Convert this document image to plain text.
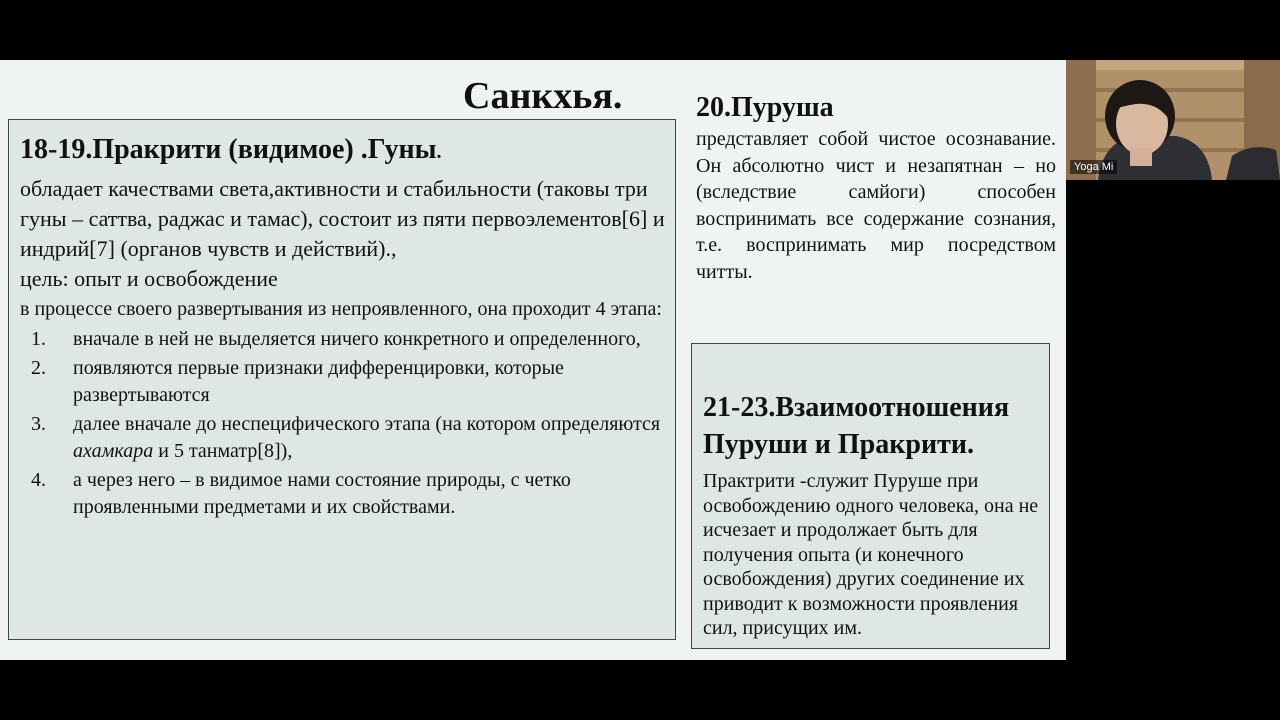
Санкхья.
18-19.Пракрити (видимое) .Гуны.

обладает качествами света,активности и стабильности (таковы три гуны – саттва, раджас и тамас), состоит из пяти первоэлементов[6] и индрий[7] (органов чувств и действий).,

цель: опыт и освобождение

в процессе своего развертывания из непроявленного, она проходит 4 этапа:

1. вначале в ней не выделяется ничего конкретного и определенного,
2. появляются первые признаки дифференцировки, которые развертываются
3. далее вначале до неспецифического этапа (на котором определяются ахамкара и 5 танматр[8]),
4. а через него – в видимое нами состояние природы, с четко проявленными предметами и их свойствами.
20.Пуруша

представляет собой чистое осознавание. Он абсолютно чист и незапятнан – но (вследствие самйоги) способен воспринимать все содержание сознания, т.е. воспринимать мир посредством читты.

21-23.Взаимоотношения Пуруши и Пракрити.

Практрити -служит Пуруше при освобождению одного человека, она не исчезает и продолжает быть для получения опыта (и конечного освобождения) других соединение их приводит к возможности проявления сил, присущих им.

Yoga Mi
